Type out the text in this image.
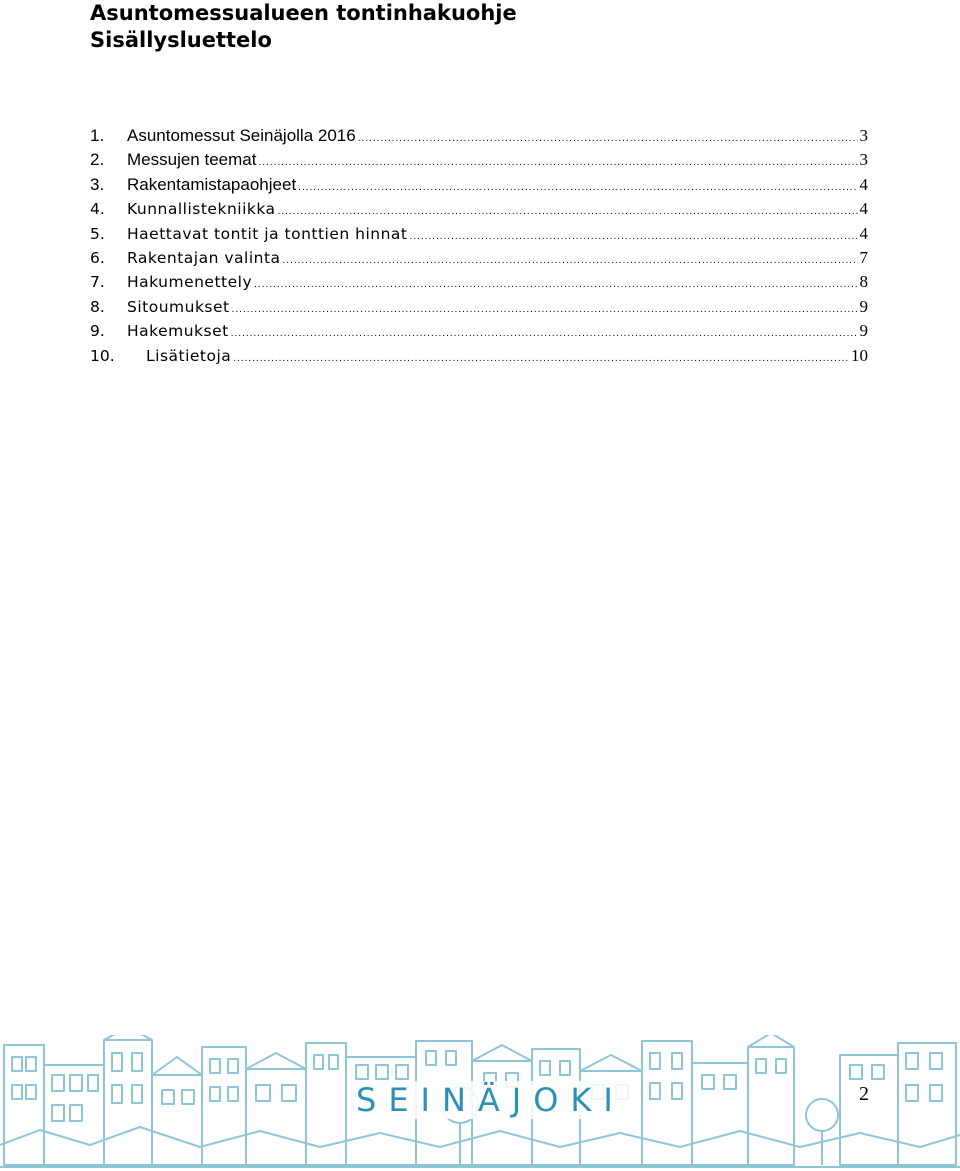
Asuntomessualueen tontinhakuohje
Sisällysluettelo
1.	Asuntomessut Seinäjolla 2016 .....	3
2.	Messujen teemat .....	3
3.	Rakentamistapaohjeet .....	4
4.	Kunnallistekniikka .....	4
5.	Haettavat tontit ja tonttien hinnat .....	4
6.	Rakentajan valinta .....	7
7.	Hakumenettely .....	8
8.	Sitoumukset .....	9
9.	Hakemukset .....	9
10.	Lisätietoja .....	10
SEINÄJOKI	2
